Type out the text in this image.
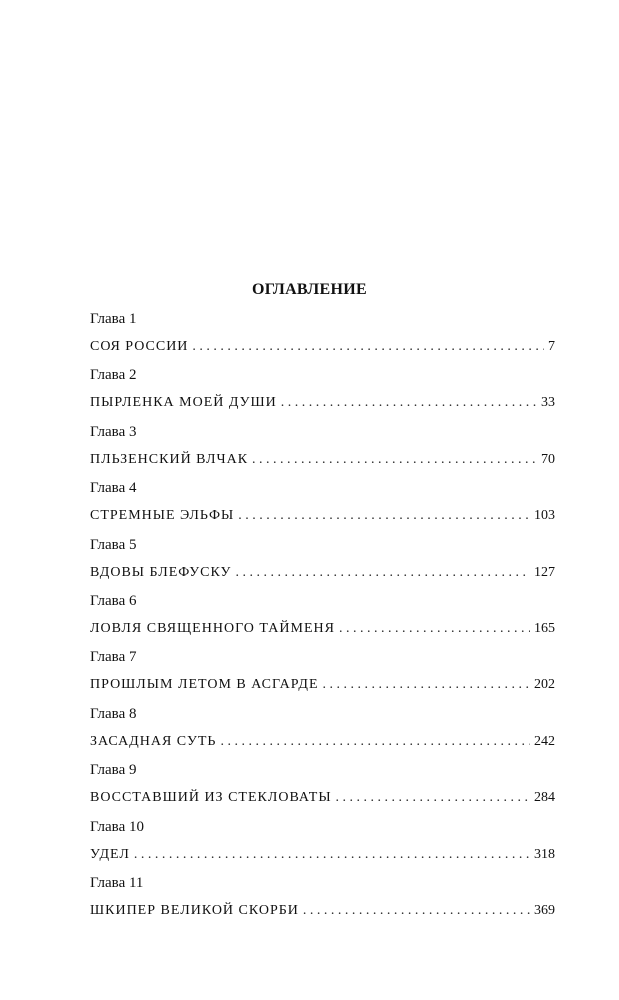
ОГЛАВЛЕНИЕ
Глава 1
СОЯ РОССИИ . . .	7
Глава 2
ПЫРЛЕНКА МОЕЙ ДУШИ . . .	33
Глава 3
ПЛЬЗЕНСКИЙ ВЛЧАК . . .	70
Глава 4
СТРЕМНЫЕ ЭЛЬФЫ . . .	103
Глава 5
ВДОВЫ БЛЕФУСКУ . . .	127
Глава 6
ЛОВЛЯ СВЯЩЕННОГО ТАЙМЕНЯ . . .	165
Глава 7
ПРОШЛЫМ ЛЕТОМ В АСГАРДЕ . . .	202
Глава 8
ЗАСАДНАЯ СУТЬ . . .	242
Глава 9
ВОССТАВШИЙ ИЗ СТЕКЛОВАТЫ . . .	284
Глава 10
УДЕЛ . . .	318
Глава 11
ШКИПЕР ВЕЛИКОЙ СКОРБИ . . .	369
